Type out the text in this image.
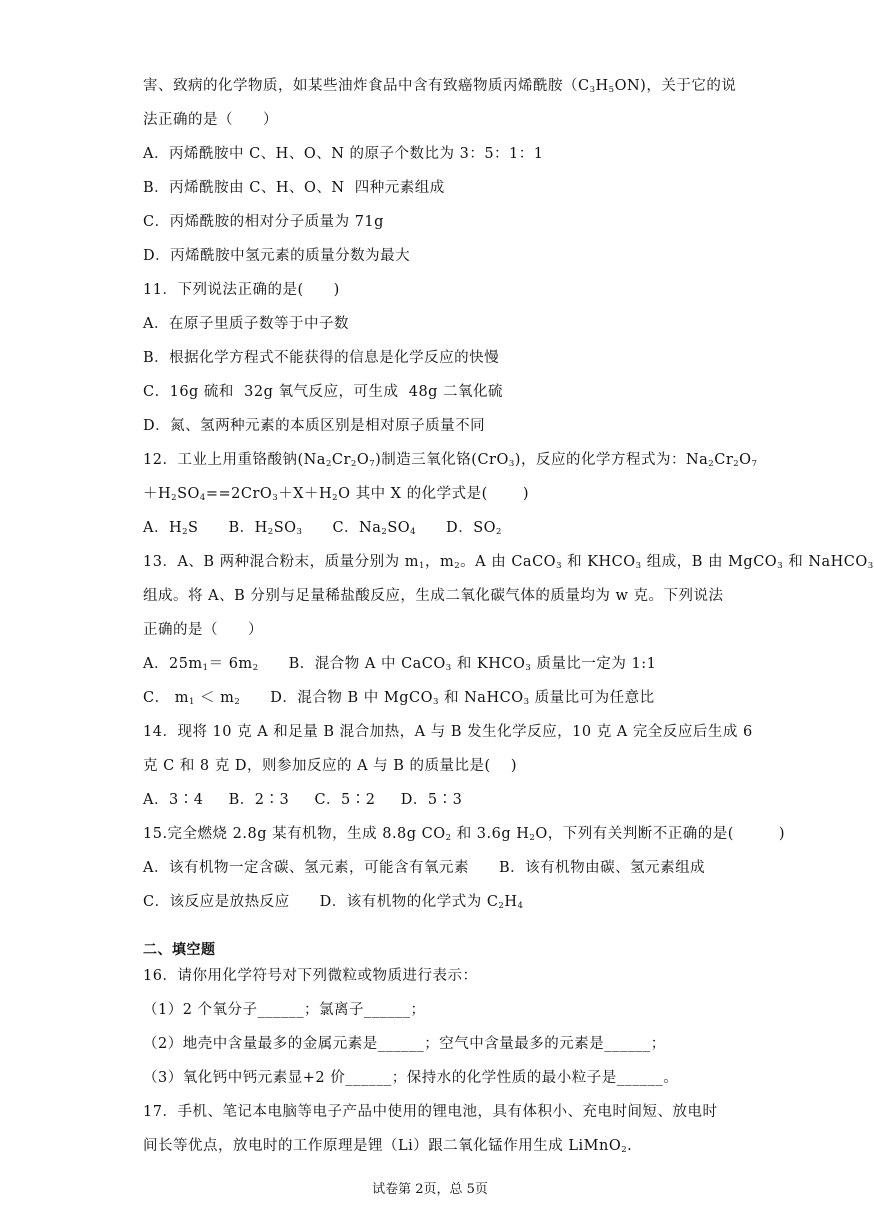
害、致病的化学物质，如某些油炸食品中含有致癌物质丙烯酰胺$(C_3H_5ON)$，关于它的说
法正确的是（　　）
A．丙烯酰胺中 C、H、O、N 的原子个数比为 3：5：1：1
B．丙烯酰胺由 C、H、O、N  四种元素组成
C．丙烯酰胺的相对分子质量为 71g
D．丙烯酰胺中氢元素的质量分数为最大
11．下列说法正确的是(　　)
A．在原子里质子数等于中子数
B．根据化学方程式不能获得的信息是化学反应的快慢
C．16g 硫和  32g 氧气反应，可生成  48g 二氧化硫
D．氮、氢两种元素的本质区别是相对原子质量不同
12．工业上用重铬酸钠$(Na_2Cr_2O_7)$制造三氧化铬(CrO$_3$)，反应的化学方程式为：$Na_2Cr_2O_7$
$+H_2SO_4==2CrO_3+X+H_2O$ 其中 X 的化学式是(　　 )
A．$H_2S$　　B．$H_2SO_3$　　C．$Na_2SO_4$　　D．$SO_2$
13．A、B 两种混合粉末，质量分别为 $m_1$，$m_2$。A 由 CaCO$_3$ 和 $KHCO_3$ 组成，B 由 MgCO$_3$ 和 NaHCO$_3$
组成。将 A、B 分别与足量稀盐酸反应，生成二氧化碳气体的质量均为 w 克。下列说法
正确的是（　　）
A．$25m_1= 6m_2$　　B．混合物 A 中 CaCO$_3$ 和 $KHCO_3$ 质量比一定为 1:1
C． $m_1 < m_2$　　D．混合物 B 中 MgCO$_3$ 和 NaHCO$_3$ 质量比可为任意比
14．现将 10 克 A 和足量 B 混合加热，A 与 B 发生化学反应，10 克 A 完全反应后生成 6
克 C 和 8 克 D，则参加反应的 A 与 B 的质量比是(　 )
A．3∶4　  B．2∶3　  C．5∶2　  D．5∶3
15.完全燃烧 2.8g 某有机物，生成 8.8g $CO_2$ 和 3.6g $H_2O$，下列有关判断不正确的是(　　　)
A．该有机物一定含碳、氢元素，可能含有氧元素　　B．该有机物由碳、氢元素组成
C．该反应是放热反应　　D．该有机物的化学式为 $C_2H_4$
二、填空题
16．请你用化学符号对下列微粒或物质进行表示：
（1）2 个氧分子______；氯离子______；
（2）地壳中含量最多的金属元素是______；空气中含量最多的元素是______；
（3）氧化钙中钙元素显+2 价______；保持水的化学性质的最小粒子是______。
17．手机、笔记本电脑等电子产品中使用的锂电池，具有体积小、充电时间短、放电时
间长等优点，放电时的工作原理是锂（Li）跟二氧化锰作用生成 LiMnO$_2$.
试卷第 2页，总 5页
